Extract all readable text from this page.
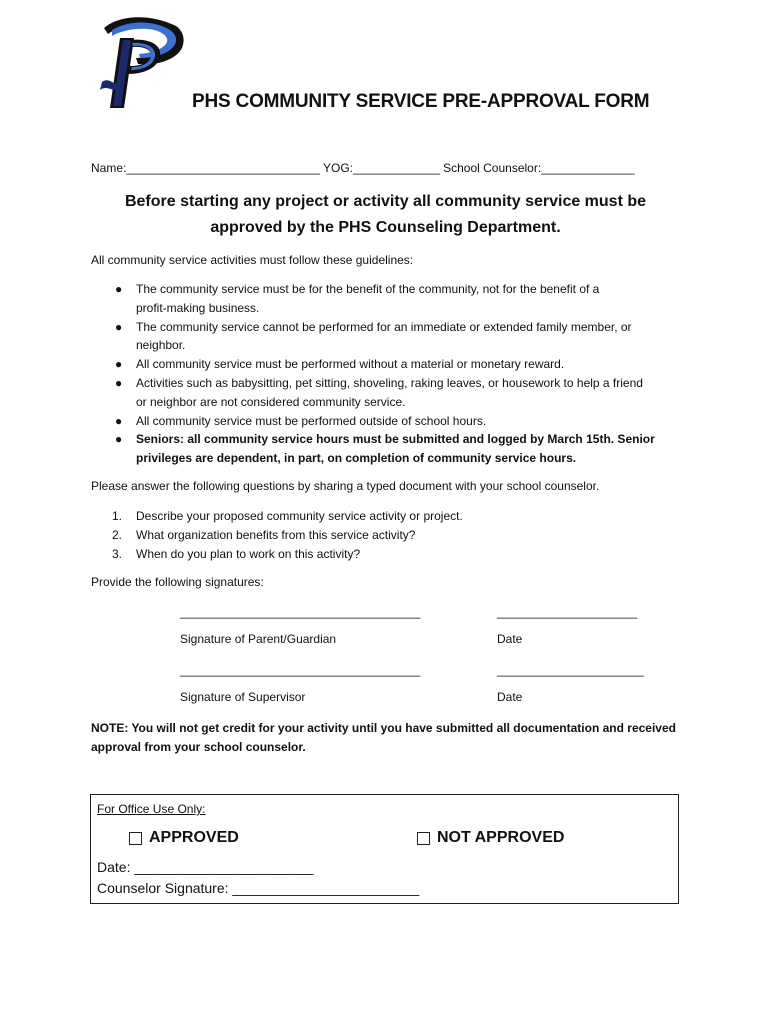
PHS COMMUNITY SERVICE PRE-APPROVAL FORM
Name:_____________________________ YOG:_____________ School Counselor:______________
Before starting any project or activity all community service must be
approved by the PHS Counseling Department.
All community service activities must follow these guidelines:
● The community service must be for the benefit of the community, not for the benefit of a
profit-making business.
● The community service cannot be performed for an immediate or extended family member, or
neighbor.
● All community service must be performed without a material or monetary reward.
● Activities such as babysitting, pet sitting, shoveling, raking leaves, or housework to help a friend
or neighbor are not considered community service.
● All community service must be performed outside of school hours.
● Seniors: all community service hours must be submitted and logged by March 15th. Senior
privileges are dependent, in part, on completion of community service hours.
Please answer the following questions by sharing a typed document with your school counselor.
1. Describe your proposed community service activity or project.
2. What organization benefits from this service activity?
3. When do you plan to work on this activity?
Provide the following signatures:
____________________________________	_____________________
Signature of Parent/Guardian	Date
____________________________________	______________________
Signature of Supervisor	Date
NOTE: You will not get credit for your activity until you have submitted all documentation and received approval from your school counselor.
For Office Use Only:
APPROVED	NOT APPROVED
Date: _______________________
Counselor Signature: ________________________
